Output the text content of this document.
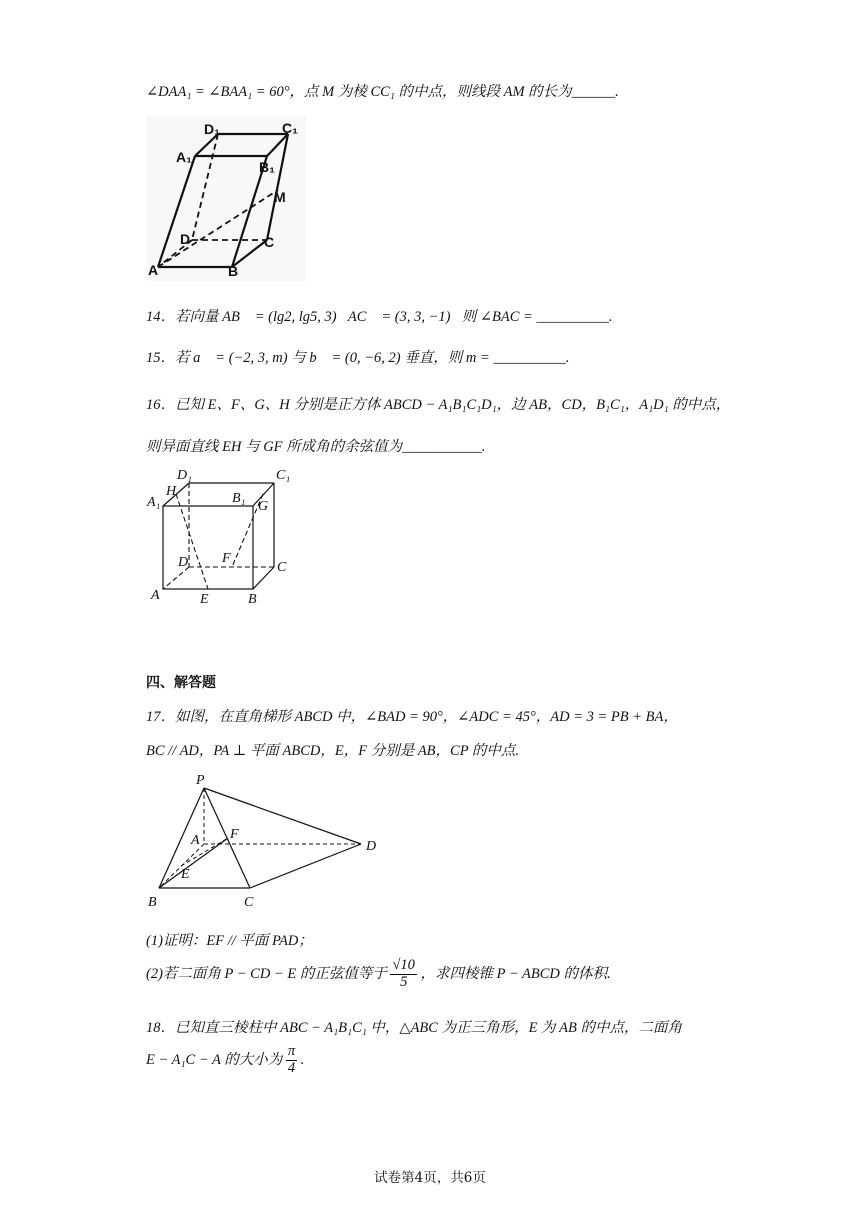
∠DAA₁ = ∠BAA₁ = 60°，点 M 为棱 CC₁ 的中点，则线段 AM 的长为______.
D₁	C₁
A₁
B₁
M
D	C
A	B
14．若向量 AB⃗ = (lg2, lg5, 3)，AC⃗ = (3, 3, −1)，则 ∠BAC = __________.
15．若 a⃗ = (−2, 3, m) 与 b⃗ = (0, −6, 2) 垂直，则 m = __________.
16．已知 E、F、G、H 分别是正方体 ABCD − A₁B₁C₁D₁，边 AB，CD，B₁C₁，A₁D₁ 的中点，
则异面直线 EH 与 GF 所成角的余弦值为___________.
D₁	C₁
H
A₁	B₁
G
D F
C
A	E	B
四、解答题
17．如图，在直角梯形 ABCD 中，∠BAD = 90°，∠ADC = 45°，AD = 3 = PB + BA，
BC // AD，PA ⊥ 平面 ABCD，E，F 分别是 AB，CP 的中点.
P
A F
D
E
B	C
(1)证明：EF // 平面 PAD；
(2)若二面角 P − CD − E 的正弦值等于 $\frac{√10}{5}$ ，求四棱锥 P − ABCD 的体积.
18．已知直三棱柱中 ABC − A₁B₁C₁ 中，△ABC 为正三角形，E 为 AB 的中点，二面角
E − A₁C − A 的大小为 $\frac{\pi}{4}$ .
试卷第4页，共6页
